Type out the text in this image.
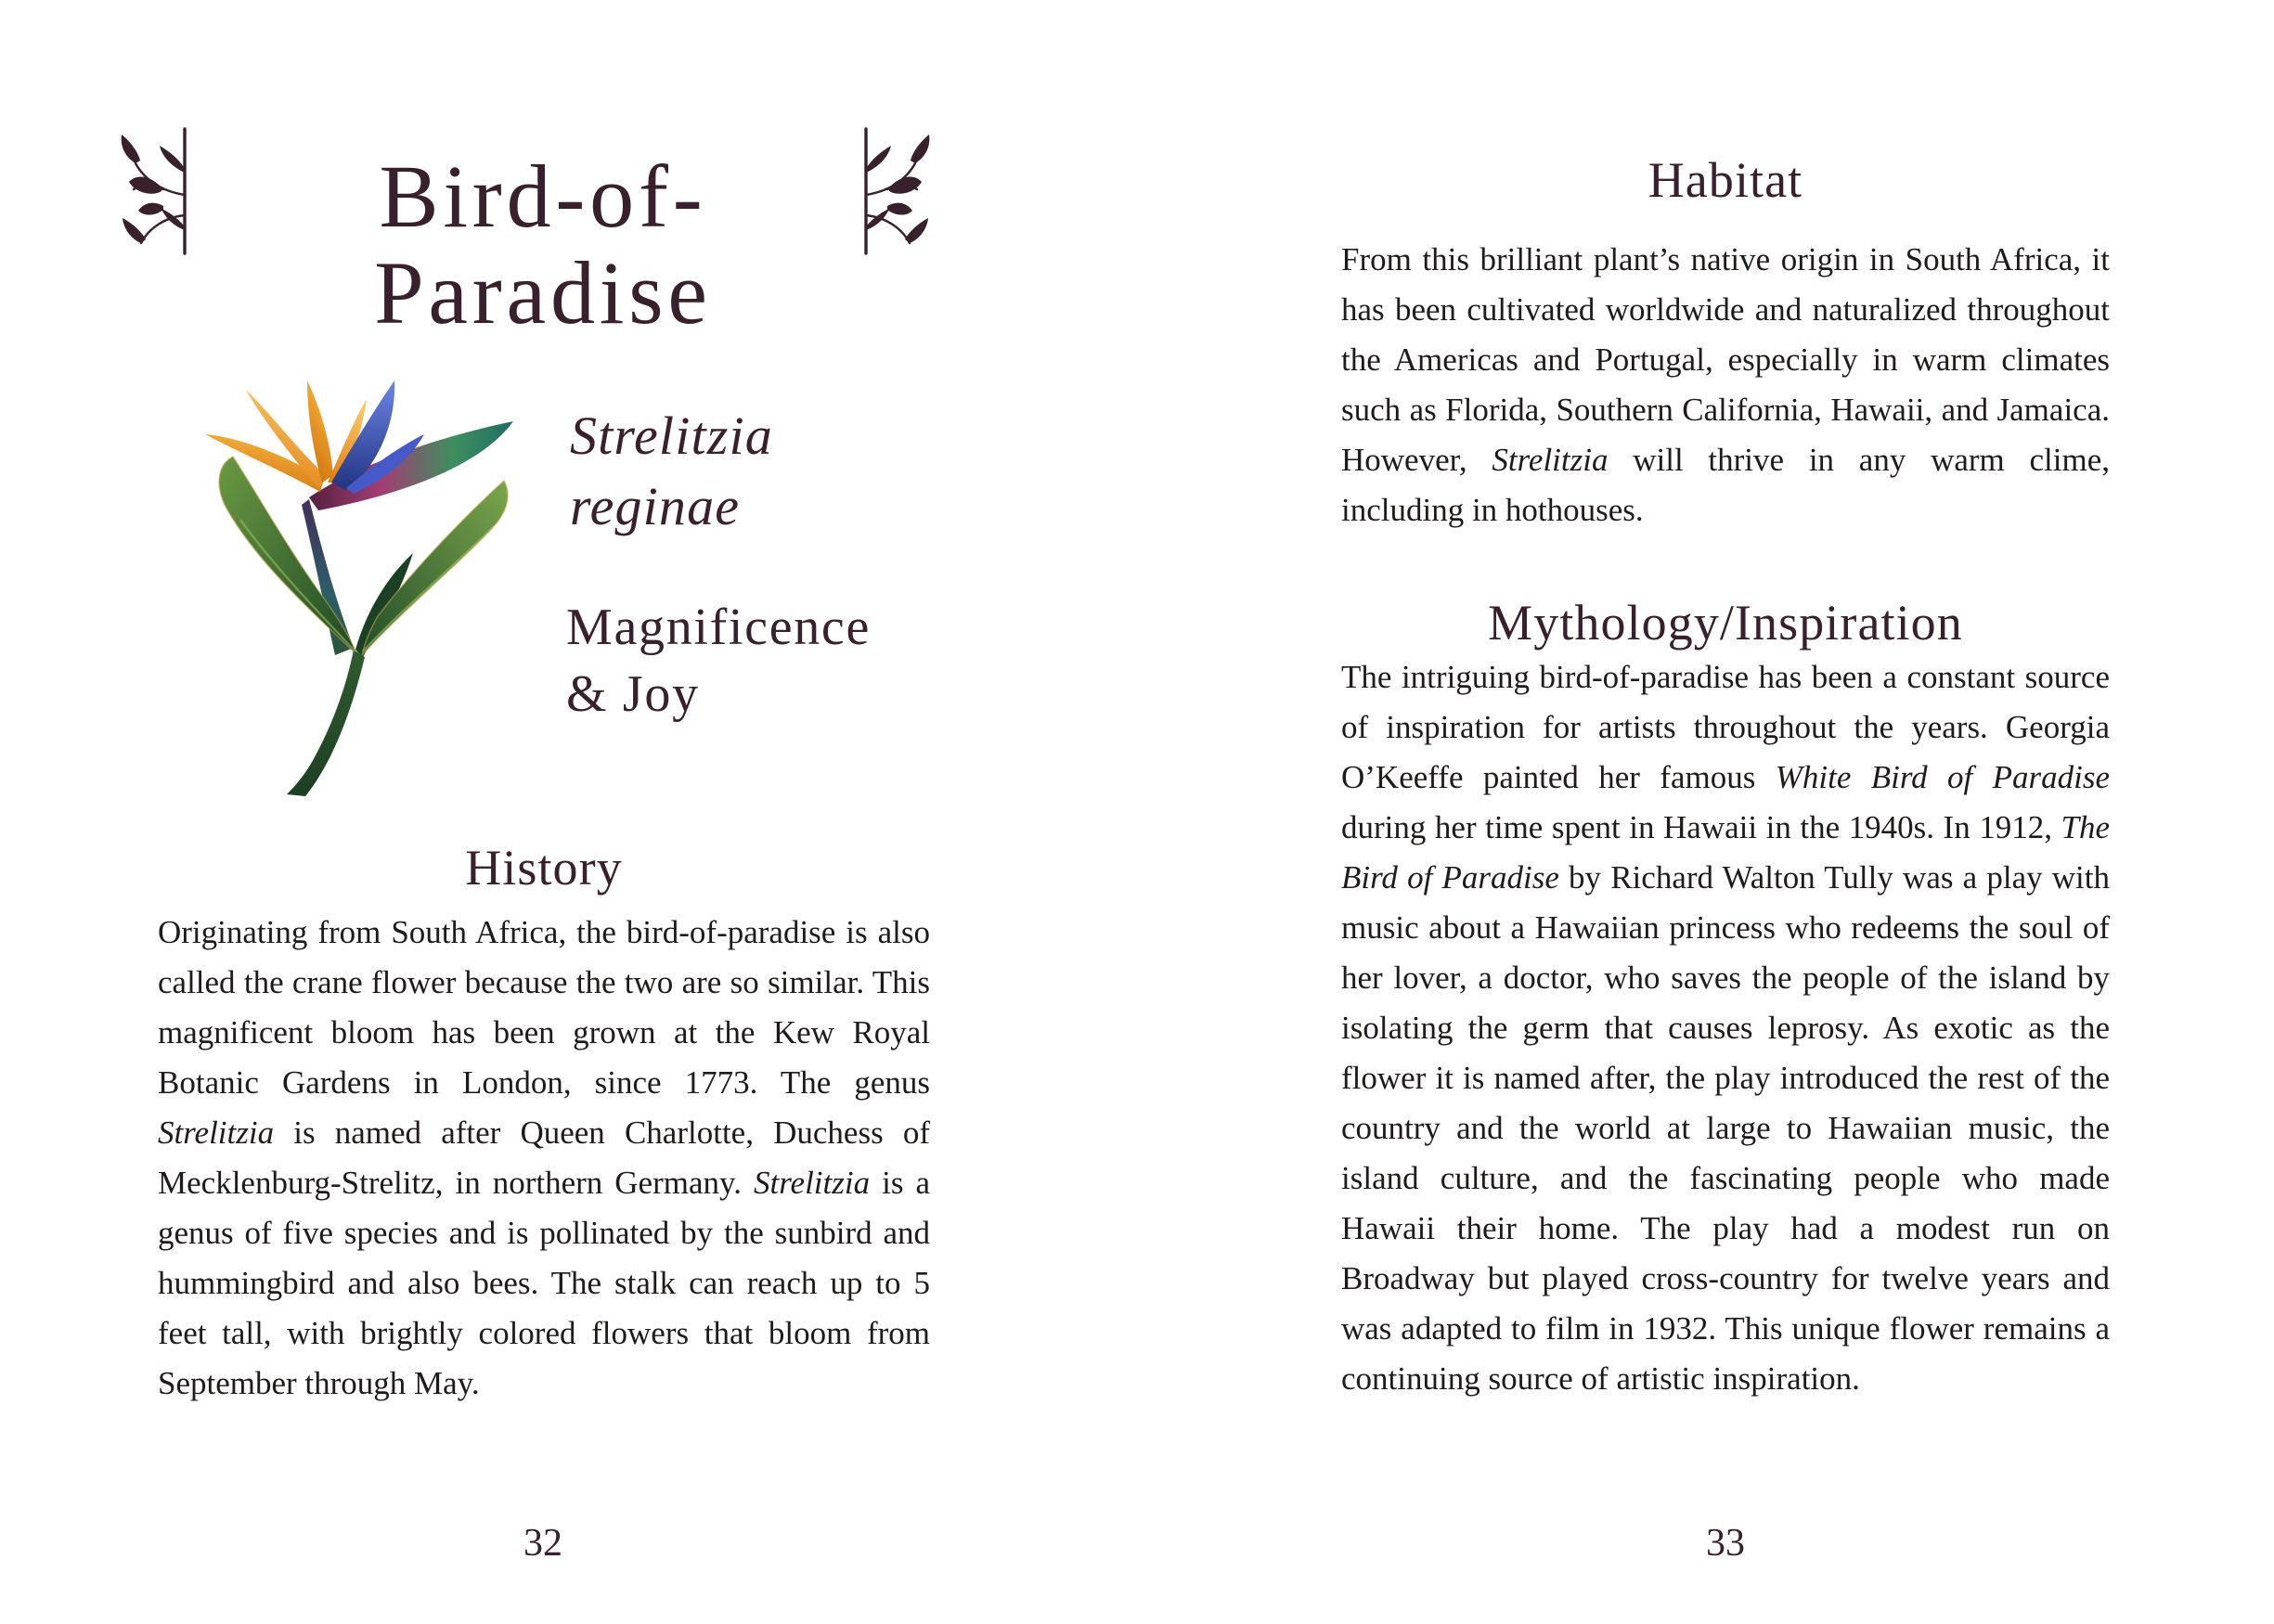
Bird-of-
Paradise
Strelitzia
reginae
Magnificence
& Joy
History
Originating from South Africa, the bird-of-paradise is also called the crane flower because the two are so similar. This magnificent bloom has been grown at the Kew Royal Botanic Gardens in London, since 1773. The genus Strelitzia is named after Queen Charlotte, Duchess of Mecklenburg-Strelitz, in northern Germany. Strelitzia is a genus of five species and is pollinated by the sunbird and hummingbird and also bees. The stalk can reach up to 5 feet tall, with brightly colored flowers that bloom from September through May.
32
Habitat
From this brilliant plant’s native origin in South Africa, it has been cultivated worldwide and naturalized throughout the Americas and Portugal, especially in warm climates such as Florida, Southern California, Hawaii, and Jamaica. However, Strelitzia will thrive in any warm clime, including in hothouses.
Mythology/Inspiration
The intriguing bird-of-paradise has been a constant source of inspiration for artists throughout the years. Georgia O’Keeffe painted her famous White Bird of Paradise during her time spent in Hawaii in the 1940s. In 1912, The Bird of Paradise by Richard Walton Tully was a play with music about a Hawaiian princess who redeems the soul of her lover, a doctor, who saves the people of the island by isolating the germ that causes leprosy. As exotic as the flower it is named after, the play introduced the rest of the country and the world at large to Hawaiian music, the island culture, and the fascinating people who made Hawaii their home. The play had a modest run on Broadway but played cross-country for twelve years and was adapted to film in 1932. This unique flower remains a continuing source of artistic inspiration.
33
